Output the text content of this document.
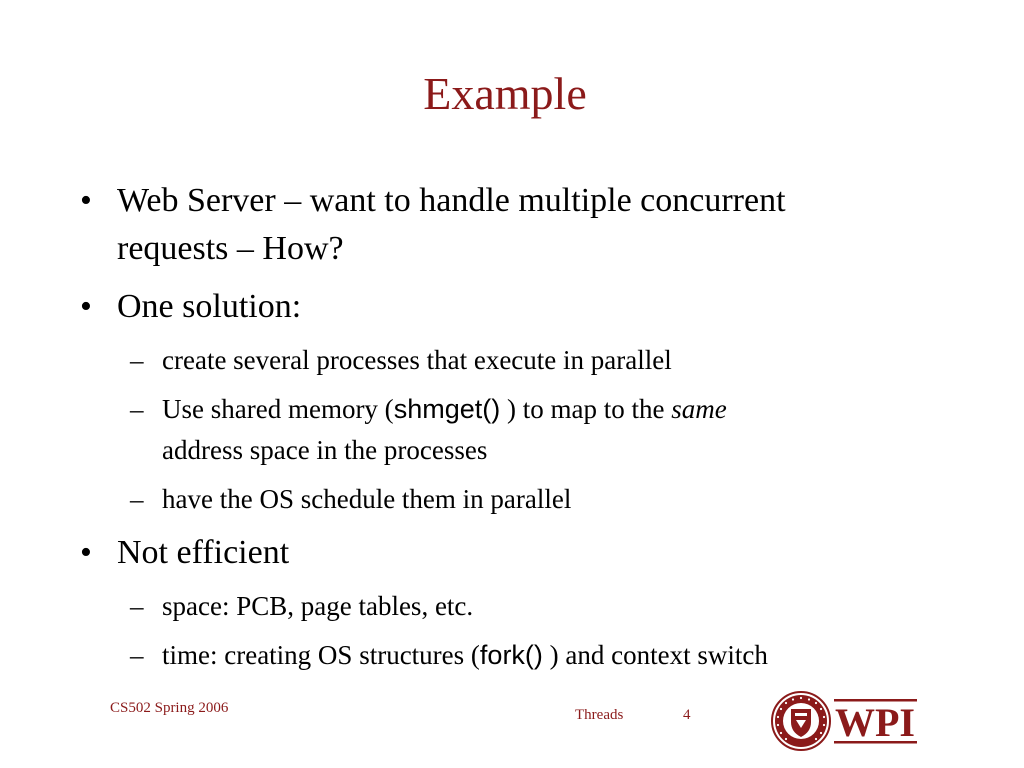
Example
• Web Server – want to handle multiple concurrent
requests – How?
• One solution:
– create several processes that execute in parallel
– Use shared memory (shmget() ) to map to the same
address space in the processes
– have the OS schedule them in parallel
• Not efficient
– space: PCB, page tables, etc.
– time: creating OS structures (fork() ) and context switch
CS502 Spring 2006	Threads	4	WPI
